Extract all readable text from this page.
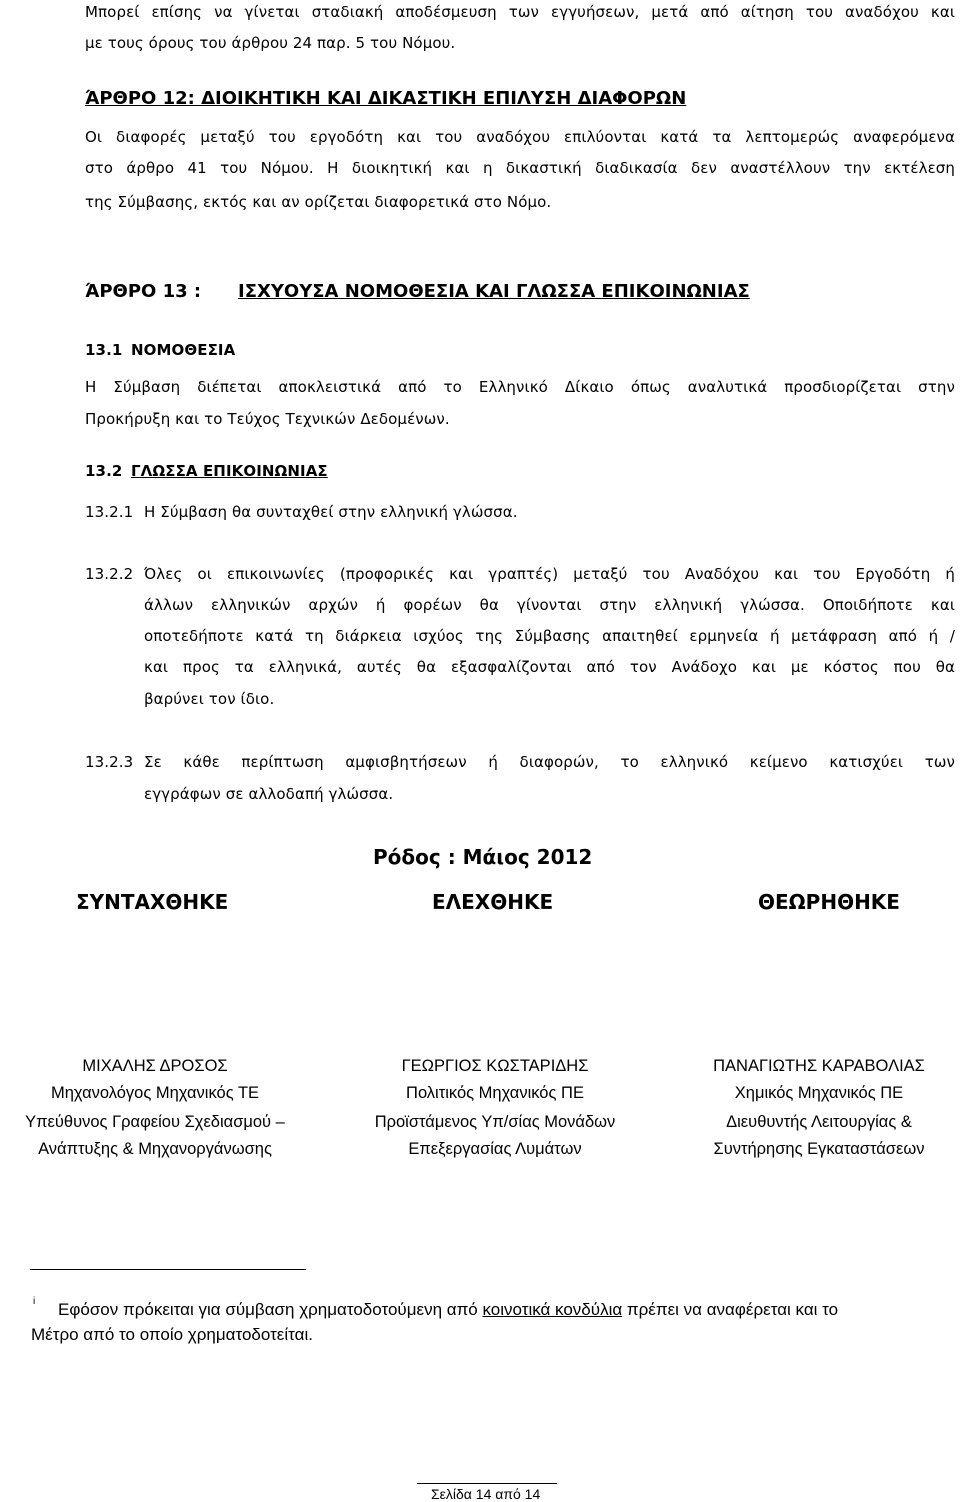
Μπορεί επίσης να γίνεται σταδιακή αποδέσμευση των εγγυήσεων, μετά από αίτηση του αναδόχου και
με τους όρους του άρθρου 24 παρ. 5 του Νόμου.
ΆΡΘΡΟ 12: ΔΙΟΙΚΗΤΙΚΗ ΚΑΙ ΔΙΚΑΣΤΙΚΗ ΕΠΙΛΥΣΗ ΔΙΑΦΟΡΩΝ
Οι διαφορές μεταξύ του εργοδότη και του αναδόχου επιλύονται κατά τα λεπτομερώς αναφερόμενα
στο άρθρο 41 του Νόμου. Η διοικητική και η δικαστική διαδικασία δεν αναστέλλουν την εκτέλεση
της Σύμβασης, εκτός και αν ορίζεται διαφορετικά στο Νόμο.
ΆΡΘΡΟ 13 : ΙΣΧΥΟΥΣΑ ΝΟΜΟΘΕΣΙΑ ΚΑΙ ΓΛΩΣΣΑ ΕΠΙΚΟΙΝΩΝΙΑΣ
13.1 ΝΟΜΟΘΕΣΙΑ
Η Σύμβαση διέπεται αποκλειστικά από το Ελληνικό Δίκαιο όπως αναλυτικά προσδιορίζεται στην
Προκήρυξη και το Τεύχος Τεχνικών Δεδομένων.
13.2 ΓΛΩΣΣΑ ΕΠΙΚΟΙΝΩΝΙΑΣ
13.2.1 Η Σύμβαση θα συνταχθεί στην ελληνική γλώσσα.
13.2.2 Όλες οι επικοινωνίες (προφορικές και γραπτές) μεταξύ του Αναδόχου και του Εργοδότη ή
άλλων ελληνικών αρχών ή φορέων θα γίνονται στην ελληνική γλώσσα. Οποιδήποτε και
οποτεδήποτε κατά τη διάρκεια ισχύος της Σύμβασης απαιτηθεί ερμηνεία ή μετάφραση από ή /
και προς τα ελληνικά, αυτές θα εξασφαλίζονται από τον Ανάδοχο και με κόστος που θα
βαρύνει τον ίδιο.
13.2.3 Σε κάθε περίπτωση αμφισβητήσεων ή διαφορών, το ελληνικό κείμενο κατισχύει των
εγγράφων σε αλλοδαπή γλώσσα.
Ρόδος : Μάιος 2012
ΣΥΝΤΑΧΘΗΚΕ	ΕΛΕΧΘΗΚΕ	ΘΕΩΡΗΘΗΚΕ
ΜΙΧΑΛΗΣ ΔΡΟΣΟΣ
Μηχανολόγος Μηχανικός ΤΕ
Υπεύθυνος Γραφείου Σχεδιασμού –
Ανάπτυξης & Μηχανοργάνωσης
ΓΕΩΡΓΙΟΣ ΚΩΣΤΑΡΙΔΗΣ
Πολιτικός Μηχανικός ΠΕ
Προϊστάμενος Υπ/σίας Μονάδων
Επεξεργασίας Λυμάτων
ΠΑΝΑΓΙΩΤΗΣ ΚΑΡΑΒΟΛΙΑΣ
Χημικός Μηχανικός ΠΕ
Διευθυντής Λειτουργίας &
Συντήρησης Εγκαταστάσεων
i Εφόσον πρόκειται για σύμβαση χρηματοδοτούμενη από κοινοτικά κονδύλια πρέπει να αναφέρεται και το
Μέτρο από το οποίο χρηματοδοτείται.
Σελίδα 14 από 14
